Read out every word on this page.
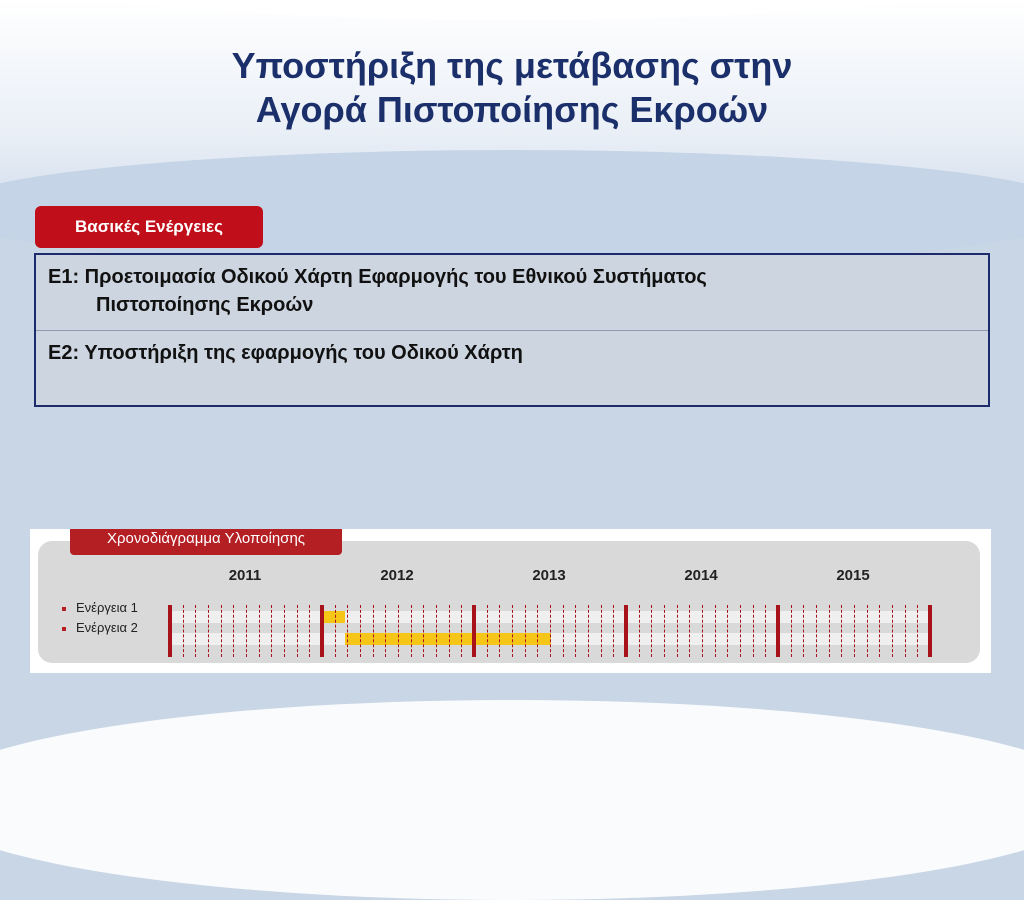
Υποστήριξη της μετάβασης στην
Αγορά Πιστοποίησης Εκροών
Βασικές Ενέργειες
Ε1: Προετοιμασία Οδικού Χάρτη Εφαρμογής του Εθνικού Συστήματος
Πιστοποίησης Εκροών
Ε2: Υποστήριξη της εφαρμογής του Οδικού Χάρτη
Χρονοδιάγραμμα Υλοποίησης
2011	2012	2013	2014	2015
Ενέργεια 1
Ενέργεια 2
